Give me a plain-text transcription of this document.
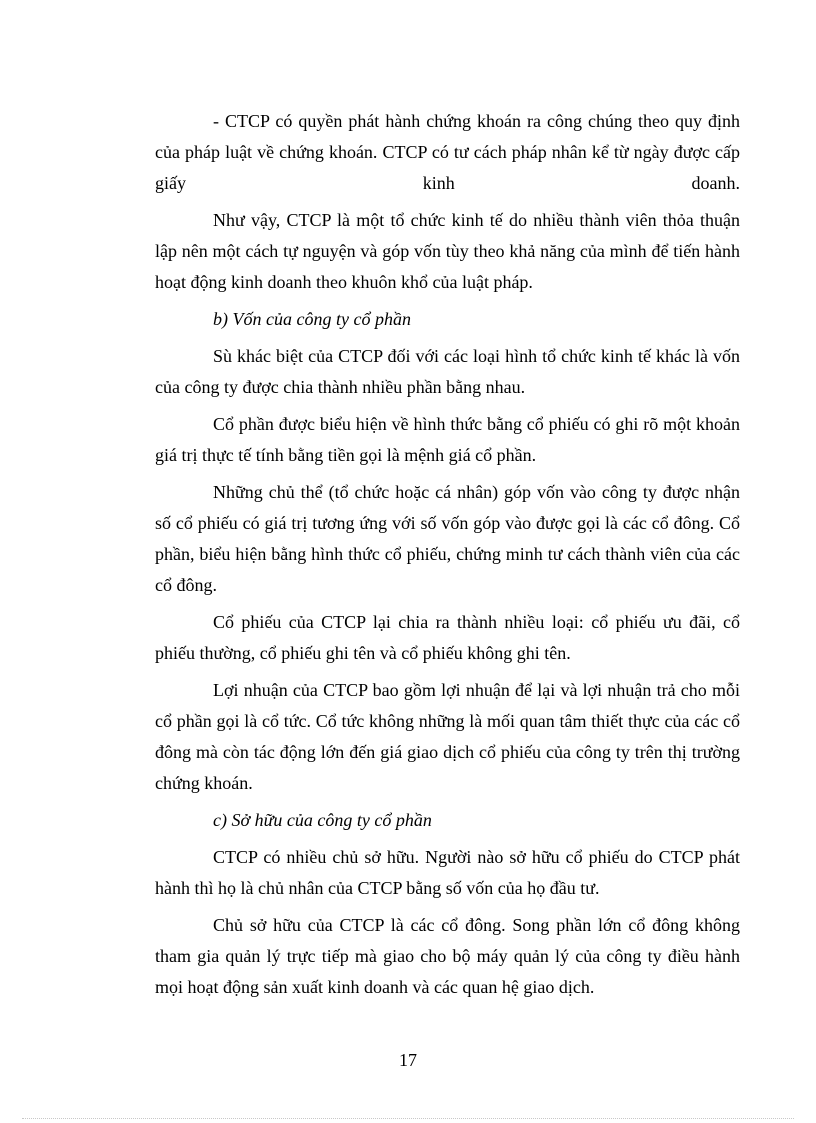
- CTCP có quyền phát hành chứng khoán ra công chúng theo quy định của pháp luật về chứng khoán. CTCP có tư cách pháp nhân kể từ ngày được cấp giấy kinh doanh.

Như vậy, CTCP là một tổ chức kinh tế do nhiều thành viên thỏa thuận lập nên một cách tự nguyện và góp vốn tùy theo khả năng của mình để tiến hành hoạt động kinh doanh theo khuôn khổ của luật pháp.

b) Vốn của công ty cổ phần

Sù khác biệt của CTCP đối với các loại hình tổ chức kinh tế khác là vốn của công ty được chia thành nhiều phần bằng nhau.

Cổ phần được biểu hiện về hình thức bằng cổ phiếu có ghi rõ một khoản giá trị thực tế tính bằng tiền gọi là mệnh giá cổ phần.

Những chủ thể (tổ chức hoặc cá nhân) góp vốn vào công ty được nhận số cổ phiếu có giá trị tương ứng với số vốn góp vào được gọi là các cổ đông. Cổ phần, biểu hiện bằng hình thức cổ phiếu, chứng minh tư cách thành viên của các cổ đông.

Cổ phiếu của CTCP lại chia ra thành nhiều loại: cổ phiếu ưu đãi, cổ phiếu thường, cổ phiếu ghi tên và cổ phiếu không ghi tên.

Lợi nhuận của CTCP bao gồm lợi nhuận để lại và lợi nhuận trả cho mỗi cổ phần gọi là cổ tức. Cổ tức không những là mối quan tâm thiết thực của các cổ đông mà còn tác động lớn đến giá giao dịch cổ phiếu của công ty trên thị trường chứng khoán.

c) Sở hữu của công ty cổ phần

CTCP có nhiều chủ sở hữu. Người nào sở hữu cổ phiếu do CTCP phát hành thì họ là chủ nhân của CTCP bằng số vốn của họ đầu tư.

Chủ sở hữu của CTCP là các cổ đông. Song phần lớn cổ đông không tham gia quản lý trực tiếp mà giao cho bộ máy quản lý của công ty điều hành mọi hoạt động sản xuất kinh doanh và các quan hệ giao dịch.

17
